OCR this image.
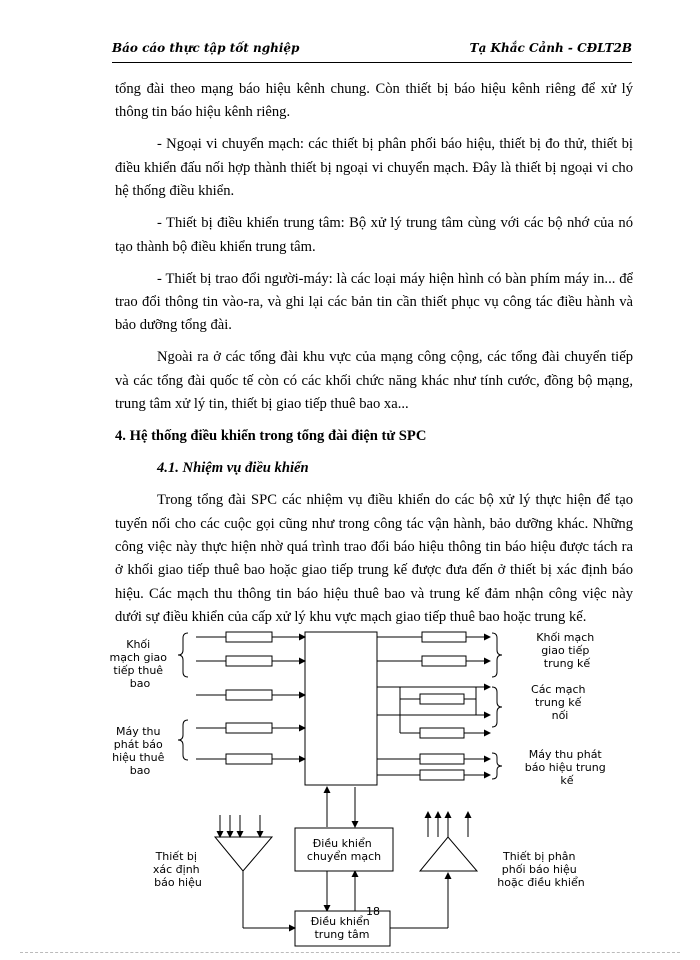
Báo cáo thực tập tốt nghiệp	Tạ Khắc Cảnh - CĐLT2B

tổng đài theo mạng báo hiệu kênh chung. Còn thiết bị báo hiệu kênh riêng để xử lý thông tin báo hiệu kênh riêng.

- Ngoại vi chuyển mạch: các thiết bị phân phối báo hiệu, thiết bị đo thử, thiết bị điều khiển đấu nối hợp thành thiết bị ngoại vi chuyển mạch. Đây là thiết bị ngoại vi cho hệ thống điều khiển.

- Thiết bị điều khiển trung tâm: Bộ xử lý trung tâm cùng với các bộ nhớ của nó tạo thành bộ điều khiển trung tâm.

- Thiết bị trao đổi người-máy: là các loại máy hiện hình có bàn phím máy in... để trao đổi thông tin vào-ra, và ghi lại các bản tin cần thiết phục vụ công tác điều hành và bảo dưỡng tổng đài.

Ngoài ra ở các tổng đài khu vực của mạng công cộng, các tổng đài chuyển tiếp và các tổng đài quốc tế còn có các khối chức năng khác như tính cước, đồng bộ mạng, trung tâm xử lý tin, thiết bị giao tiếp thuê bao xa...

4. Hệ thống điều khiển trong tổng đài điện tử SPC

4.1. Nhiệm vụ điều khiển

Trong tổng đài SPC các nhiệm vụ điều khiển do các bộ xử lý thực hiện để tạo tuyến nối cho các cuộc gọi cũng như trong công tác vận hành, bảo dưỡng khác. Những công việc này thực hiện nhờ quá trình trao đổi báo hiệu thông tin báo hiệu được tách ra ở khối giao tiếp thuê bao hoặc giao tiếp trung kế được đưa đến ở thiết bị xác định báo hiệu. Các mạch thu thông tin báo hiệu thuê bao và trung kế đảm nhận công việc này dưới sự điều khiển của cấp xử lý khu vực mạch giao tiếp thuê bao hoặc trung kế.

Khối mạch giao tiếp thuê bao
Máy thu phát báo hiệu thuê bao
Thiết bị xác định báo hiệu
Khối mạch giao tiếp trung kế
Các mạch trung kế nối
Máy thu phát báo hiệu trung kế
Thiết bị phân phối báo hiệu hoặc điều khiển
Điều khiển chuyển mạch
Điều khiển trung tâm
18
